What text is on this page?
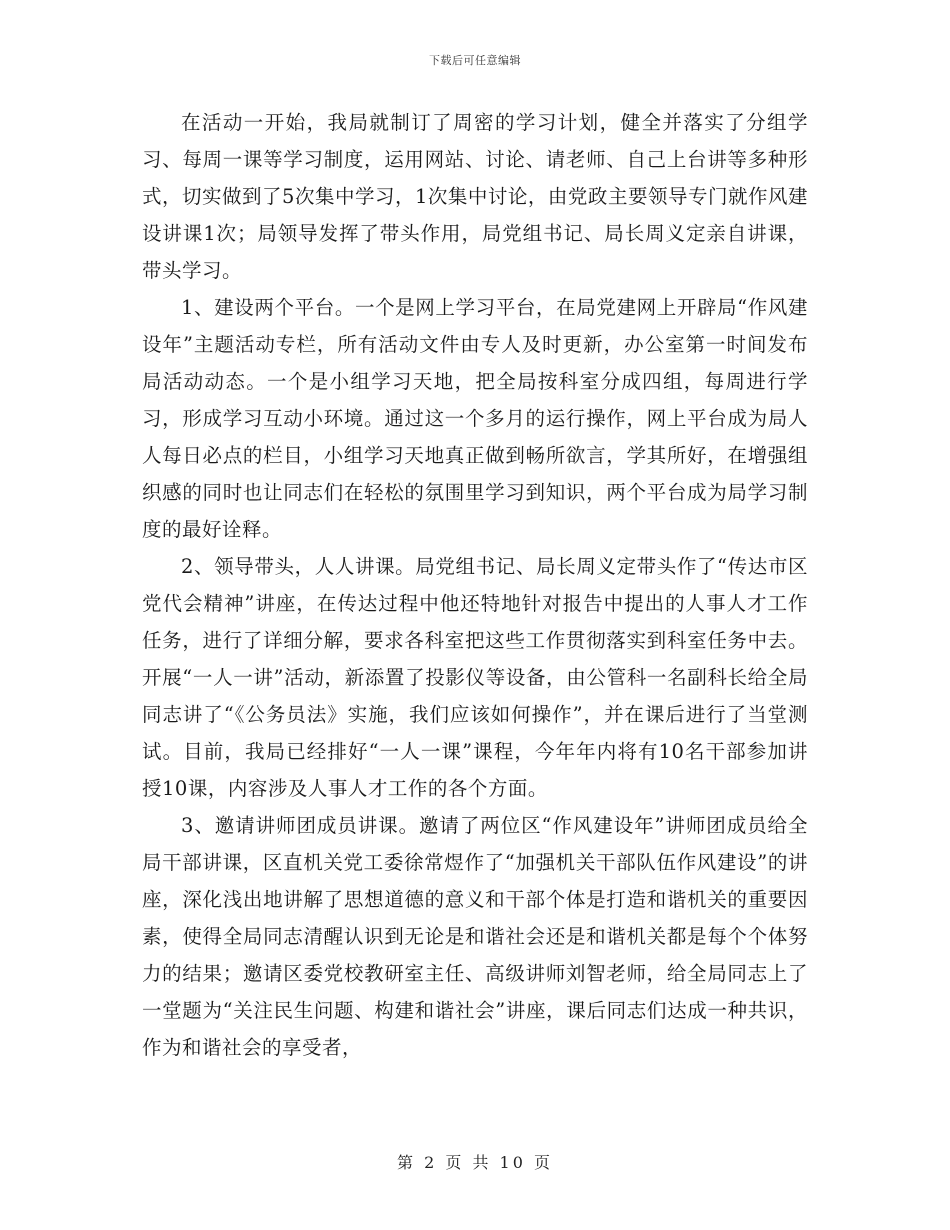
下载后可任意编辑

在活动一开始，我局就制订了周密的学习计划，健全并落实了分组学习、每周一课等学习制度，运用网站、讨论、请老师、自己上台讲等多种形式，切实做到了5次集中学习，1次集中讨论，由党政主要领导专门就作风建设讲课1次；局领导发挥了带头作用，局党组书记、局长周义定亲自讲课，带头学习。

1、建设两个平台。一个是网上学习平台，在局党建网上开辟局“作风建设年”主题活动专栏，所有活动文件由专人及时更新，办公室第一时间发布局活动动态。一个是小组学习天地，把全局按科室分成四组，每周进行学习，形成学习互动小环境。通过这一个多月的运行操作，网上平台成为局人人每日必点的栏目，小组学习天地真正做到畅所欲言，学其所好，在增强组织感的同时也让同志们在轻松的氛围里学习到知识，两个平台成为局学习制度的最好诠释。

2、领导带头，人人讲课。局党组书记、局长周义定带头作了“传达市区党代会精神”讲座，在传达过程中他还特地针对报告中提出的人事人才工作任务，进行了详细分解，要求各科室把这些工作贯彻落实到科室任务中去。开展“一人一讲”活动，新添置了投影仪等设备，由公管科一名副科长给全局同志讲了“《公务员法》实施，我们应该如何操作”，并在课后进行了当堂测试。目前，我局已经排好“一人一课”课程，今年年内将有10名干部参加讲授10课，内容涉及人事人才工作的各个方面。

3、邀请讲师团成员讲课。邀请了两位区“作风建设年”讲师团成员给全局干部讲课，区直机关党工委徐常煜作了“加强机关干部队伍作风建设”的讲座，深化浅出地讲解了思想道德的意义和干部个体是打造和谐机关的重要因素，使得全局同志清醒认识到无论是和谐社会还是和谐机关都是每个个体努力的结果；邀请区委党校教研室主任、高级讲师刘智老师，给全局同志上了一堂题为“关注民生问题、构建和谐社会”讲座，课后同志们达成一种共识，作为和谐社会的享受者，

第 2 页 共 10 页
